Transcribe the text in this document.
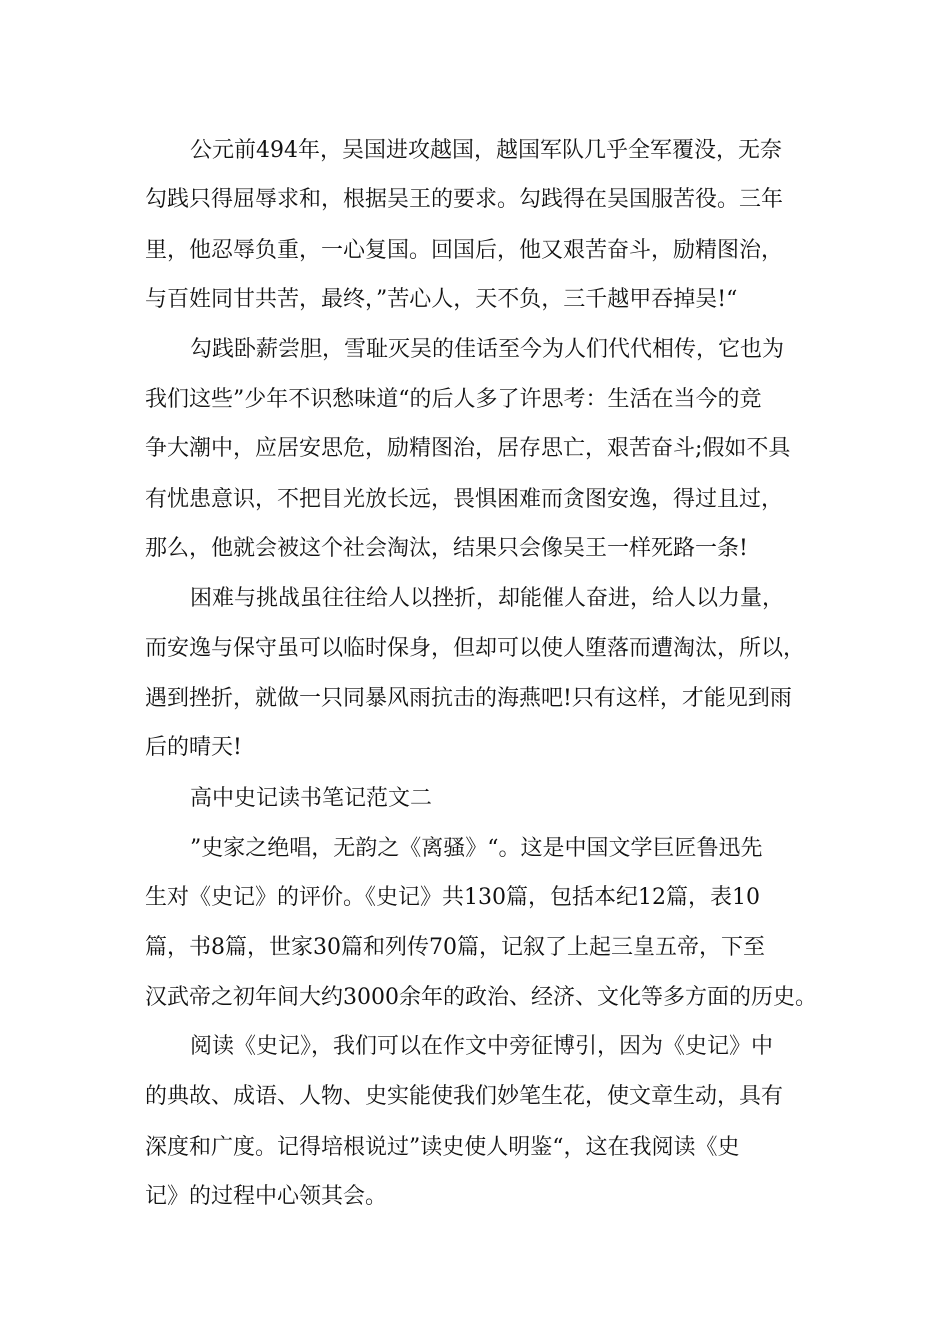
公元前494年，吴国进攻越国，越国军队几乎全军覆没，无奈
勾践只得屈辱求和，根据吴王的要求。勾践得在吴国服苦役。三年
里，他忍辱负重，一心复国。回国后，他又艰苦奋斗，励精图治，
与百姓同甘共苦，最终，”苦心人，天不负，三千越甲吞掉吴!“
勾践卧薪尝胆，雪耻灭吴的佳话至今为人们代代相传，它也为
我们这些”少年不识愁味道“的后人多了许思考：生活在当今的竞
争大潮中，应居安思危，励精图治，居存思亡，艰苦奋斗;假如不具
有忧患意识，不把目光放长远，畏惧困难而贪图安逸，得过且过，
那么，他就会被这个社会淘汰，结果只会像吴王一样死路一条!
困难与挑战虽往往给人以挫折，却能催人奋进，给人以力量，
而安逸与保守虽可以临时保身，但却可以使人堕落而遭淘汰，所以，
遇到挫折，就做一只同暴风雨抗击的海燕吧!只有这样，才能见到雨
后的晴天!
高中史记读书笔记范文二
”史家之绝唱，无韵之《离骚》“。这是中国文学巨匠鲁迅先
生对《史记》的评价。《史记》共130篇，包括本纪12篇，表10
篇，书8篇，世家30篇和列传70篇，记叙了上起三皇五帝，下至
汉武帝之初年间大约3000余年的政治、经济、文化等多方面的历史。
阅读《史记》，我们可以在作文中旁征博引，因为《史记》中
的典故、成语、人物、史实能使我们妙笔生花，使文章生动，具有
深度和广度。记得培根说过”读史使人明鉴“，这在我阅读《史
记》的过程中心领其会。
